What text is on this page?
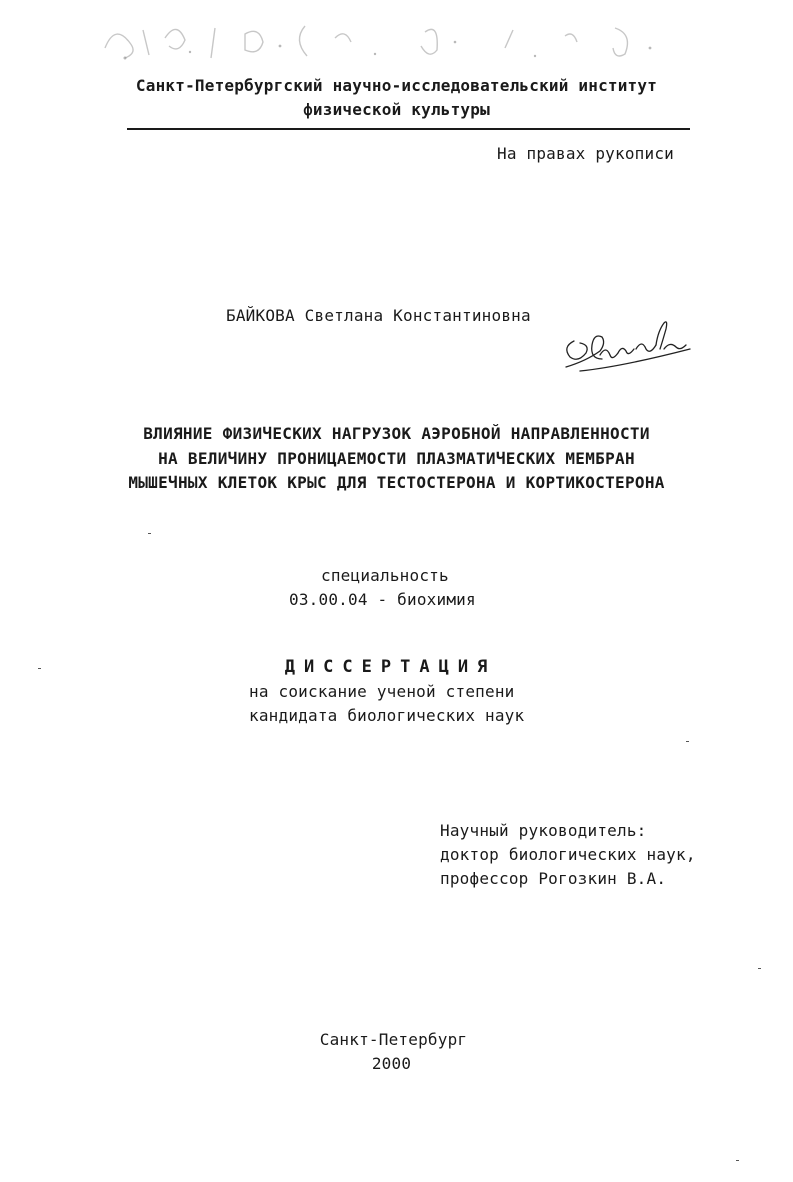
Санкт-Петербургский научно-исследовательский институт
физической культуры
На правах рукописи
БАЙКОВА Светлана Константиновна
ВЛИЯНИЕ ФИЗИЧЕСКИХ НАГРУЗОК АЭРОБНОЙ НАПРАВЛЕННОСТИ
НА ВЕЛИЧИНУ ПРОНИЦАЕМОСТИ ПЛАЗМАТИЧЕСКИХ МЕМБРАН
МЫШЕЧНЫХ КЛЕТОК КРЫС ДЛЯ ТЕСТОСТЕРОНА И КОРТИКОСТЕРОНА
специальность
03.00.04 - биохимия
ДИССЕРТАЦИЯ
на соискание ученой степени
кандидата биологических наук
Научный руководитель:
доктор биологических наук,
профессор Рогозкин В.А.
Санкт-Петербург
2000
